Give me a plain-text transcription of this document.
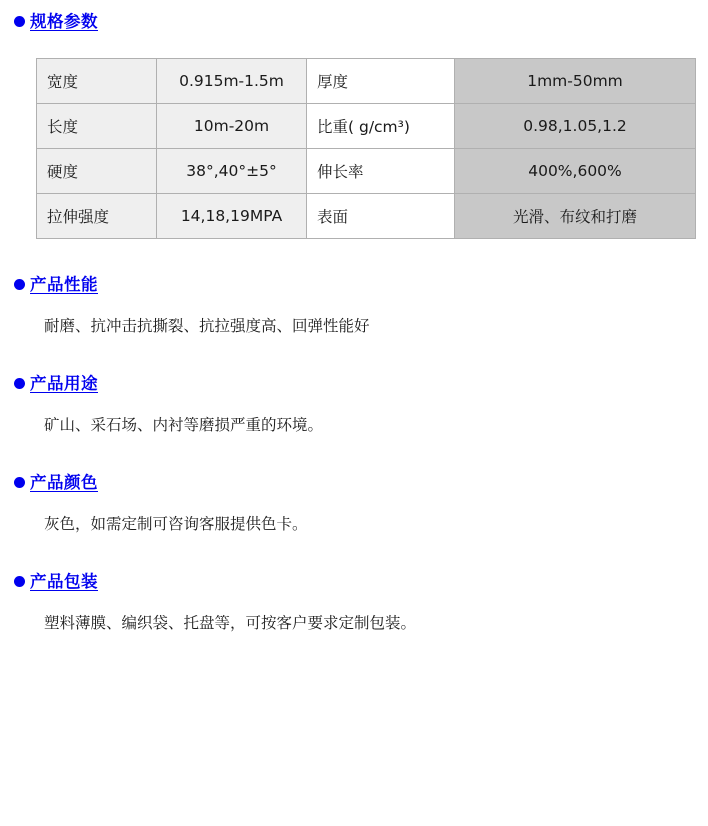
规格参数
宽度	0.915m-1.5m	厚度	1mm-50mm
长度	10m-20m	比重( g/cm³)	0.98,1.05,1.2
硬度	38°,40°±5°	伸长率	400%,600%
拉伸强度	14,18,19MPA	表面	光滑、布纹和打磨
产品性能
耐磨、抗冲击抗撕裂、抗拉强度高、回弹性能好
产品用途
矿山、采石场、内衬等磨损严重的环境。
产品颜色
灰色，如需定制可咨询客服提供色卡。
产品包装
塑料薄膜、编织袋、托盘等，可按客户要求定制包装。
